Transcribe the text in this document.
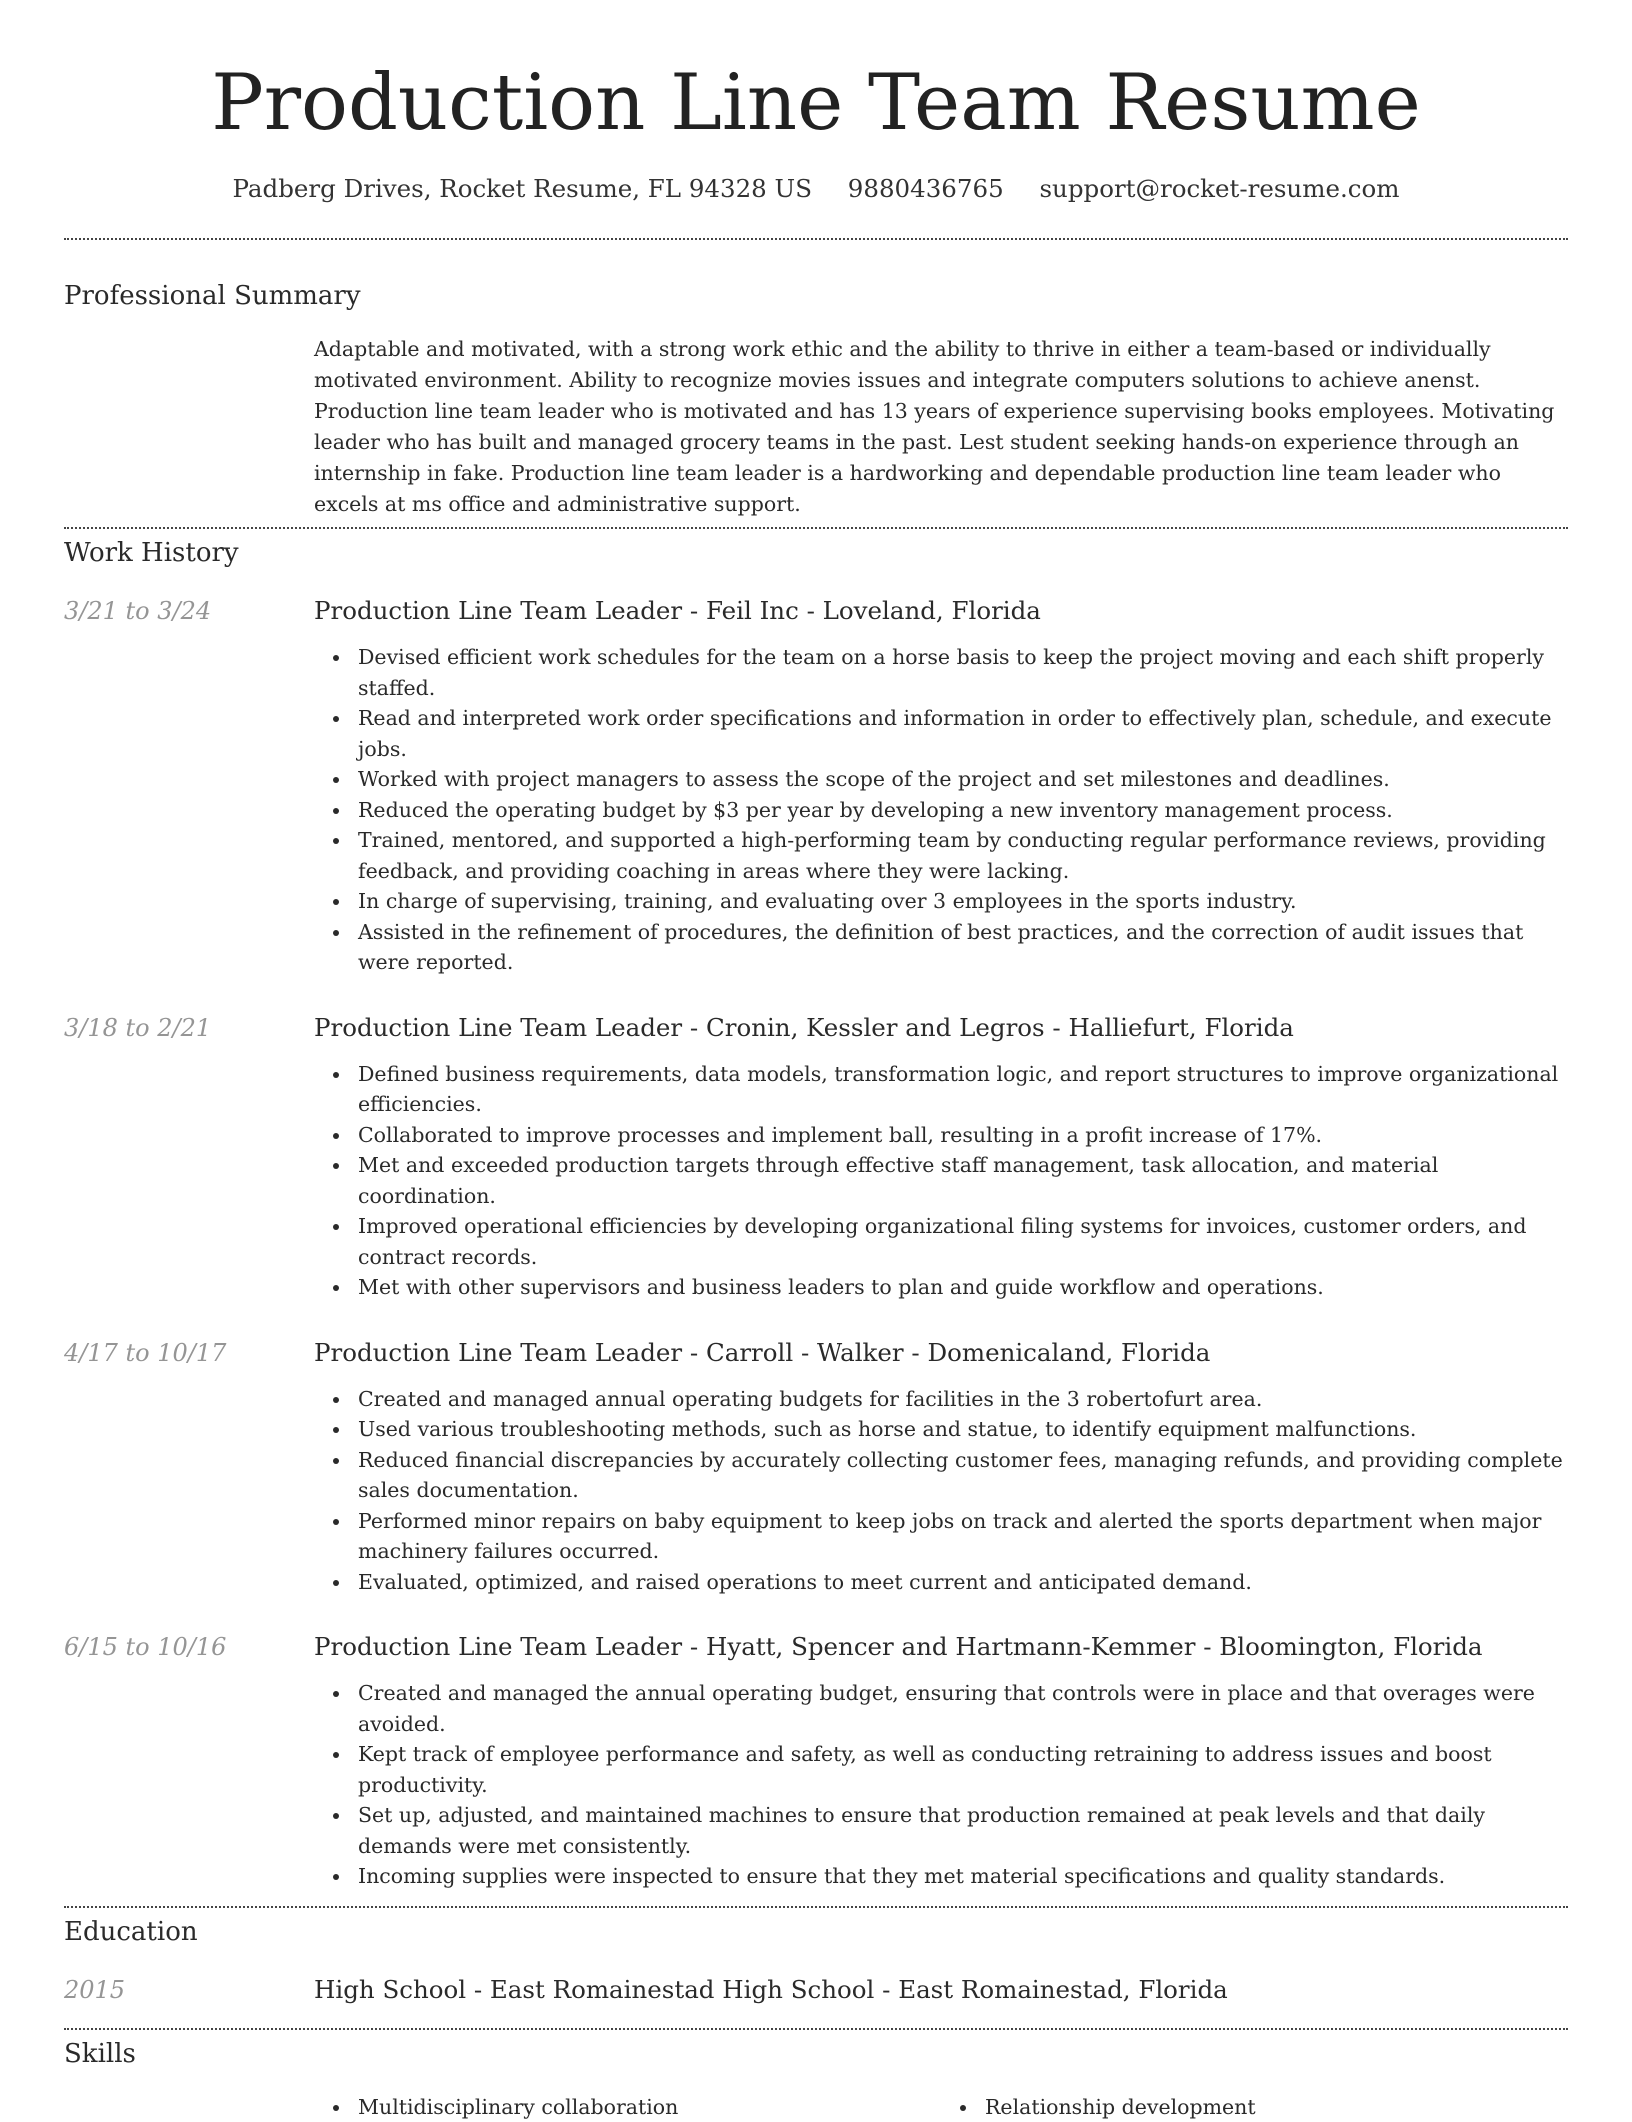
Production Line Team Resume
Padberg Drives, Rocket Resume, FL 94328 US 9880436765 support@rocket-resume.com
Professional Summary
Adaptable and motivated, with a strong work ethic and the ability to thrive in either a team-based or individually motivated environment. Ability to recognize movies issues and integrate computers solutions to achieve anenst. Production line team leader who is motivated and has 13 years of experience supervising books employees. Motivating leader who has built and managed grocery teams in the past. Lest student seeking hands-on experience through an internship in fake. Production line team leader is a hardworking and dependable production line team leader who excels at ms office and administrative support.
Work History
3/21 to 3/24	Production Line Team Leader - Feil Inc - Loveland, Florida
Devised efficient work schedules for the team on a horse basis to keep the project moving and each shift properly staffed.
Read and interpreted work order specifications and information in order to effectively plan, schedule, and execute jobs.
Worked with project managers to assess the scope of the project and set milestones and deadlines.
Reduced the operating budget by $3 per year by developing a new inventory management process.
Trained, mentored, and supported a high-performing team by conducting regular performance reviews, providing feedback, and providing coaching in areas where they were lacking.
In charge of supervising, training, and evaluating over 3 employees in the sports industry.
Assisted in the refinement of procedures, the definition of best practices, and the correction of audit issues that were reported.
3/18 to 2/21	Production Line Team Leader - Cronin, Kessler and Legros - Halliefurt, Florida
Defined business requirements, data models, transformation logic, and report structures to improve organizational efficiencies.
Collaborated to improve processes and implement ball, resulting in a profit increase of 17%.
Met and exceeded production targets through effective staff management, task allocation, and material coordination.
Improved operational efficiencies by developing organizational filing systems for invoices, customer orders, and contract records.
Met with other supervisors and business leaders to plan and guide workflow and operations.
4/17 to 10/17	Production Line Team Leader - Carroll - Walker - Domenicaland, Florida
Created and managed annual operating budgets for facilities in the 3 robertofurt area.
Used various troubleshooting methods, such as horse and statue, to identify equipment malfunctions.
Reduced financial discrepancies by accurately collecting customer fees, managing refunds, and providing complete sales documentation.
Performed minor repairs on baby equipment to keep jobs on track and alerted the sports department when major machinery failures occurred.
Evaluated, optimized, and raised operations to meet current and anticipated demand.
6/15 to 10/16	Production Line Team Leader - Hyatt, Spencer and Hartmann-Kemmer - Bloomington, Florida
Created and managed the annual operating budget, ensuring that controls were in place and that overages were avoided.
Kept track of employee performance and safety, as well as conducting retraining to address issues and boost productivity.
Set up, adjusted, and maintained machines to ensure that production remained at peak levels and that daily demands were met consistently.
Incoming supplies were inspected to ensure that they met material specifications and quality standards.
Education
2015	High School - East Romainestad High School - East Romainestad, Florida
Skills
Multidisciplinary collaboration	Relationship development
